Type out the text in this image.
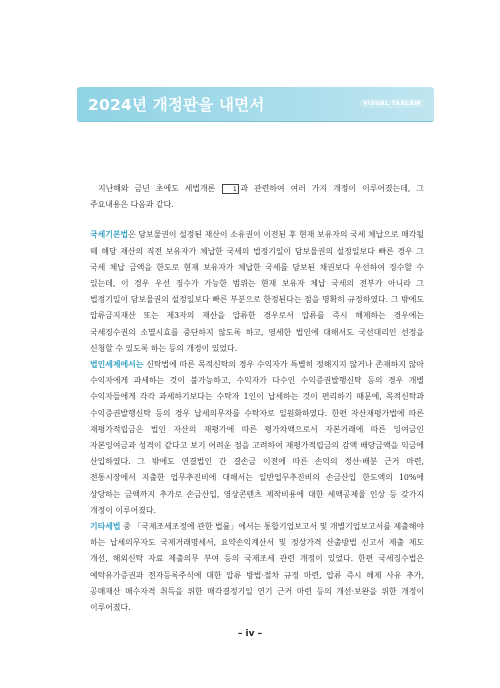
2024년 개정판을 내면서	VISUAL TAXLAW

지난해와 금년 초에도 세법개론 1 과 관련하여 여러 가지 개정이 이루어졌는데, 그 주요내용은 다음과 같다.

국세기본법은 담보물권이 설정된 재산이 소유권이 이전된 후 현재 보유자의 국세 체납으로 매각될 때 해당 재산의 직전 보유자가 체납한 국세의 법정기일이 담보물권의 설정일보다 빠른 경우 그 국세 체납 금액을 한도로 현재 보유자가 체납한 국세를 담보된 채권보다 우선하여 징수할 수 있는데, 이 경우 우선 징수가 가능한 범위는 현재 보유자 체납 국세의 전부가 아니라 그 법정기일이 담보물권의 설정일보다 빠른 부분으로 한정된다는 점을 명확히 규정하였다. 그 밖에도 압류금지재산 또는 제3자의 재산을 압류한 경우로서 압류를 즉시 해제하는 경우에는 국세징수권의 소멸시효를 중단하지 않도록 하고, 영세한 법인에 대해서도 국선대리인 선정을 신청할 수 있도록 하는 등의 개정이 있었다.

법인세제에서는 신탁법에 따른 목적신탁의 경우 수익자가 특별히 정해지지 않거나 존재하지 않아 수익자에게 과세하는 것이 불가능하고, 수익자가 다수인 수익증권발행신탁 등의 경우 개별 수익자들에게 각각 과세하기보다는 수탁자 1인이 납세하는 것이 편리하기 때문에, 목적신탁과 수익증권발행신탁 등의 경우 납세의무자를 수탁자로 일원화하였다. 한편 자산재평가법에 따른 재평가적립금은 법인 자산의 재평가에 따른 평가차액으로서 자본거래에 따른 잉여금인 자본잉여금과 성격이 같다고 보기 어려운 점을 고려하여 재평가적립금의 감액 배당금액을 익금에 산입하였다. 그 밖에도 연결법인 간 결손금 이전에 따른 손익의 정산·배분 근거 마련, 전통시장에서 지출한 업무추진비에 대해서는 일반업무추진비의 손금산입 한도액의 10%에 상당하는 금액까지 추가로 손금산입, 영상콘텐츠 제작비용에 대한 세액공제율 인상 등 갖가지 개정이 이루어졌다.

기타세법 중 「국제조세조정에 관한 법률」에서는 통합기업보고서 및 개별기업보고서를 제출해야 하는 납세의무자도 국제거래명세서, 요약손익계산서 및 정상가격 산출방법 신고서 제출 제도 개선, 해외신탁 자료 제출의무 부여 등의 국제조세 관련 개정이 있었다. 한편 국세징수법은 예탁유가증권과 전자등록주식에 대한 압류 방법·절차 규정 마련, 압류 즉시 해제 사유 추가, 공매재산 매수자격 취득을 위한 매각결정기일 연기 근거 마련 등의 개선·보완을 위한 개정이 이루어졌다.

– iv –
